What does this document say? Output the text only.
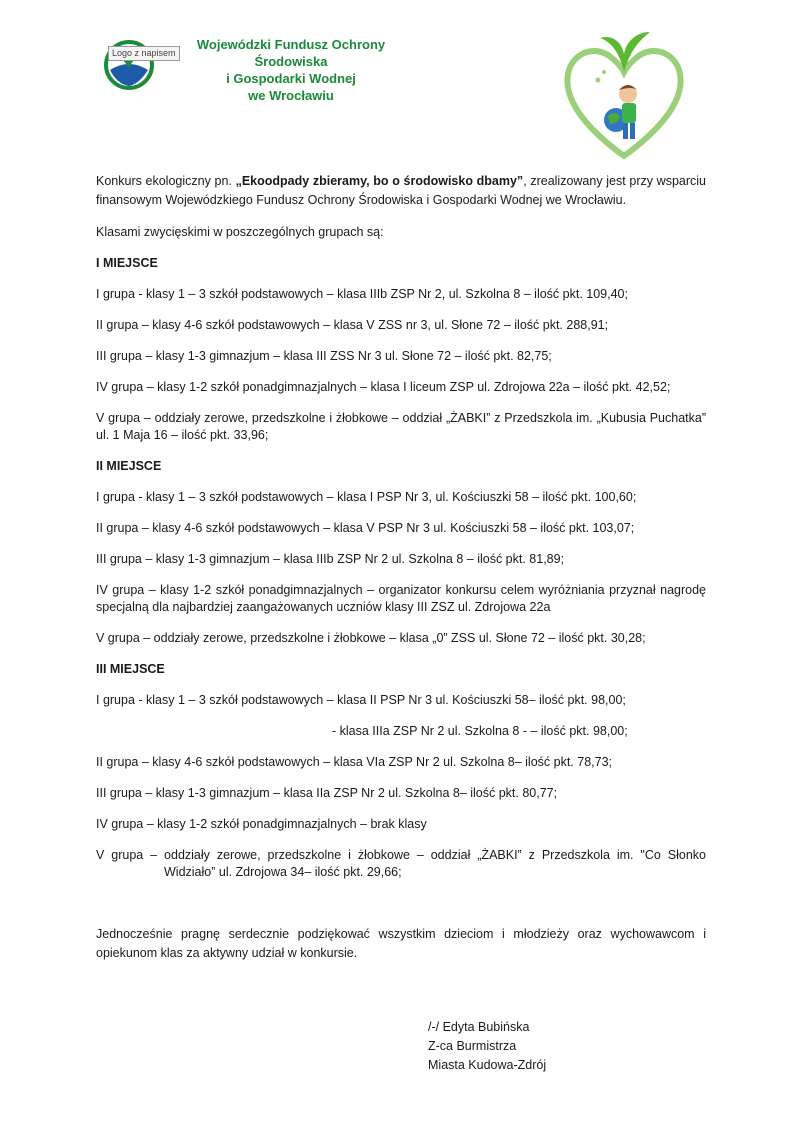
Logo z napisem
Wojewódzki Fundusz Ochrony Środowiska
i Gospodarki Wodnej
we Wrocławiu

Konkurs ekologiczny pn. „Ekoodpady zbieramy, bo o środowisko dbamy”, zrealizowany jest przy wsparciu finansowym Wojewódzkiego Fundusz Ochrony Środowiska i Gospodarki Wodnej we Wrocławiu.

Klasami zwycięskimi w poszczególnych grupach są:

I MIEJSCE
I grupa - klasy 1 – 3 szkół podstawowych – klasa IIIb ZSP Nr 2, ul. Szkolna 8 – ilość pkt. 109,40;
II grupa – klasy 4-6 szkół podstawowych – klasa V ZSS nr 3, ul. Słone 72 – ilość pkt. 288,91;
III grupa – klasy 1-3 gimnazjum – klasa III ZSS Nr 3 ul. Słone 72 – ilość pkt. 82,75;
IV grupa – klasy 1-2 szkół ponadgimnazjalnych – klasa I liceum ZSP ul. Zdrojowa 22a – ilość pkt. 42,52;
V grupa – oddziały zerowe, przedszkolne i żłobkowe – oddział „ŻABKI” z Przedszkola im. „Kubusia Puchatka” ul. 1 Maja 16 – ilość pkt. 33,96;
II MIEJSCE
I grupa - klasy 1 – 3 szkół podstawowych – klasa I PSP Nr 3, ul. Kościuszki 58 – ilość pkt. 100,60;
II grupa – klasy 4-6 szkół podstawowych – klasa V PSP Nr 3 ul. Kościuszki 58 – ilość pkt. 103,07;
III grupa – klasy 1-3 gimnazjum – klasa IIIb ZSP Nr 2 ul. Szkolna 8 – ilość pkt. 81,89;
IV grupa – klasy 1-2 szkół ponadgimnazjalnych – organizator konkursu celem wyróżniania przyznał nagrodę specjalną dla najbardziej zaangażowanych uczniów klasy III ZSZ ul. Zdrojowa 22a
V grupa – oddziały zerowe, przedszkolne i żłobkowe – klasa „0” ZSS ul. Słone 72 – ilość pkt. 30,28;
III MIEJSCE
I grupa - klasy 1 – 3 szkół podstawowych – klasa II PSP Nr 3 ul. Kościuszki 58– ilość pkt. 98,00;
- klasa IIIa ZSP Nr 2 ul. Szkolna 8 - – ilość pkt. 98,00;
II grupa – klasy 4-6 szkół podstawowych – klasa VIa ZSP Nr 2 ul. Szkolna 8– ilość pkt. 78,73;
III grupa – klasy 1-3 gimnazjum – klasa IIa ZSP Nr 2 ul. Szkolna 8– ilość pkt. 80,77;
IV grupa – klasy 1-2 szkół ponadgimnazjalnych – brak klasy
V grupa – oddziały zerowe, przedszkolne i żłobkowe – oddział „ŻABKI” z Przedszkola im. "Co Słonko Widziało” ul. Zdrojowa 34– ilość pkt. 29,66;

Jednocześnie pragnę serdecznie podziękować wszystkim dzieciom i młodzieży oraz wychowawcom i opiekunom klas za aktywny udział w konkursie.

/-/ Edyta Bubińska
Z-ca Burmistrza
Miasta Kudowa-Zdrój
